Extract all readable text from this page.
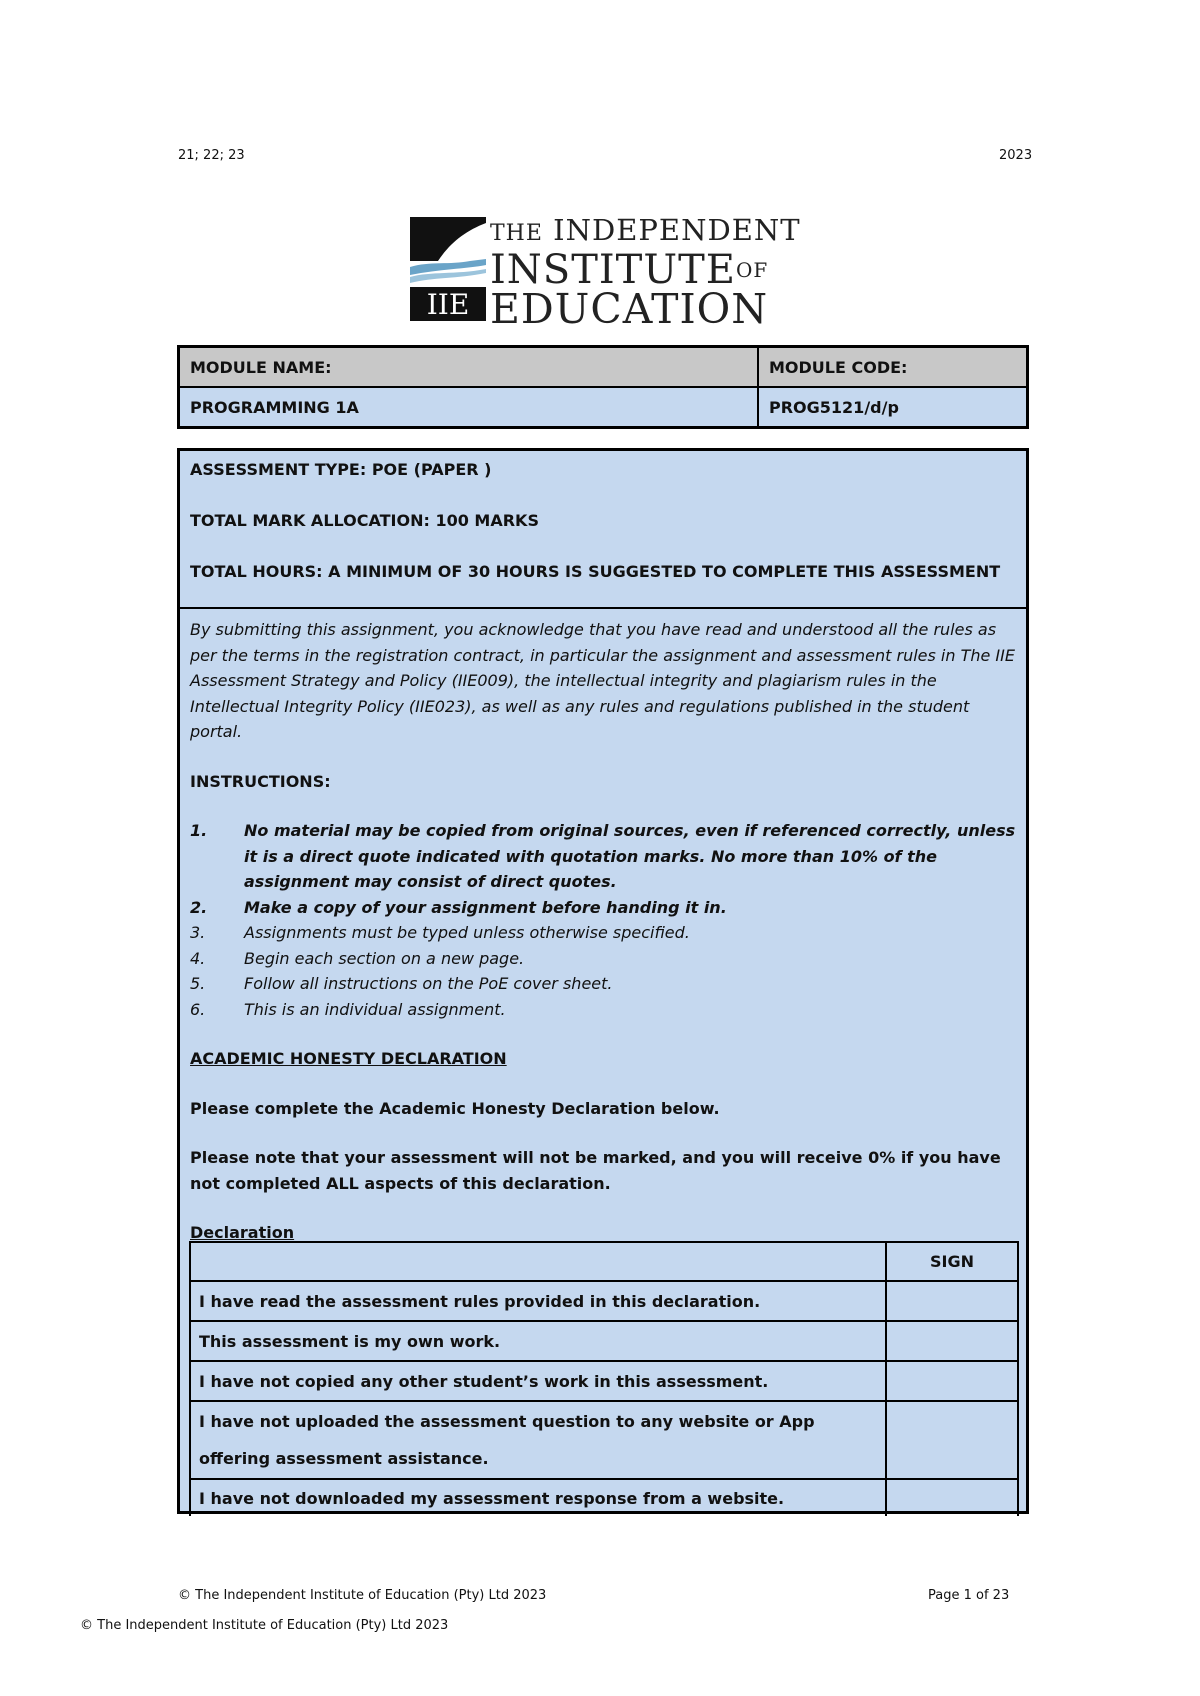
21; 22; 23	2023
IIE
THE INDEPENDENT
INSTITUTEOF
EDUCATION
MODULE NAME:	MODULE CODE:
PROGRAMMING 1A	PROG5121/d/p

ASSESSMENT TYPE: POE (PAPER )

TOTAL MARK ALLOCATION: 100 MARKS

TOTAL HOURS: A MINIMUM OF 30 HOURS IS SUGGESTED TO COMPLETE THIS ASSESSMENT

By submitting this assignment, you acknowledge that you have read and understood all the rules as per the terms in the registration contract, in particular the assignment and assessment rules in The IIE Assessment Strategy and Policy (IIE009), the intellectual integrity and plagiarism rules in the Intellectual Integrity Policy (IIE023), as well as any rules and regulations published in the student portal.

INSTRUCTIONS:

1.	No material may be copied from original sources, even if referenced correctly, unless it is a direct quote indicated with quotation marks. No more than 10% of the assignment may consist of direct quotes.
2.	Make a copy of your assignment before handing it in.
3.	Assignments must be typed unless otherwise specified.
4.	Begin each section on a new page.
5.	Follow all instructions on the PoE cover sheet.
6.	This is an individual assignment.

ACADEMIC HONESTY DECLARATION

Please complete the Academic Honesty Declaration below.

Please note that your assessment will not be marked, and you will receive 0% if you have not completed ALL aspects of this declaration.

Declaration

SIGN
I have read the assessment rules provided in this declaration.
This assessment is my own work.
I have not copied any other student’s work in this assessment.
I have not uploaded the assessment question to any website or App offering assessment assistance.
I have not downloaded my assessment response from a website.
© The Independent Institute of Education (Pty) Ltd 2023	Page 1 of 23
© The Independent Institute of Education (Pty) Ltd 2023
